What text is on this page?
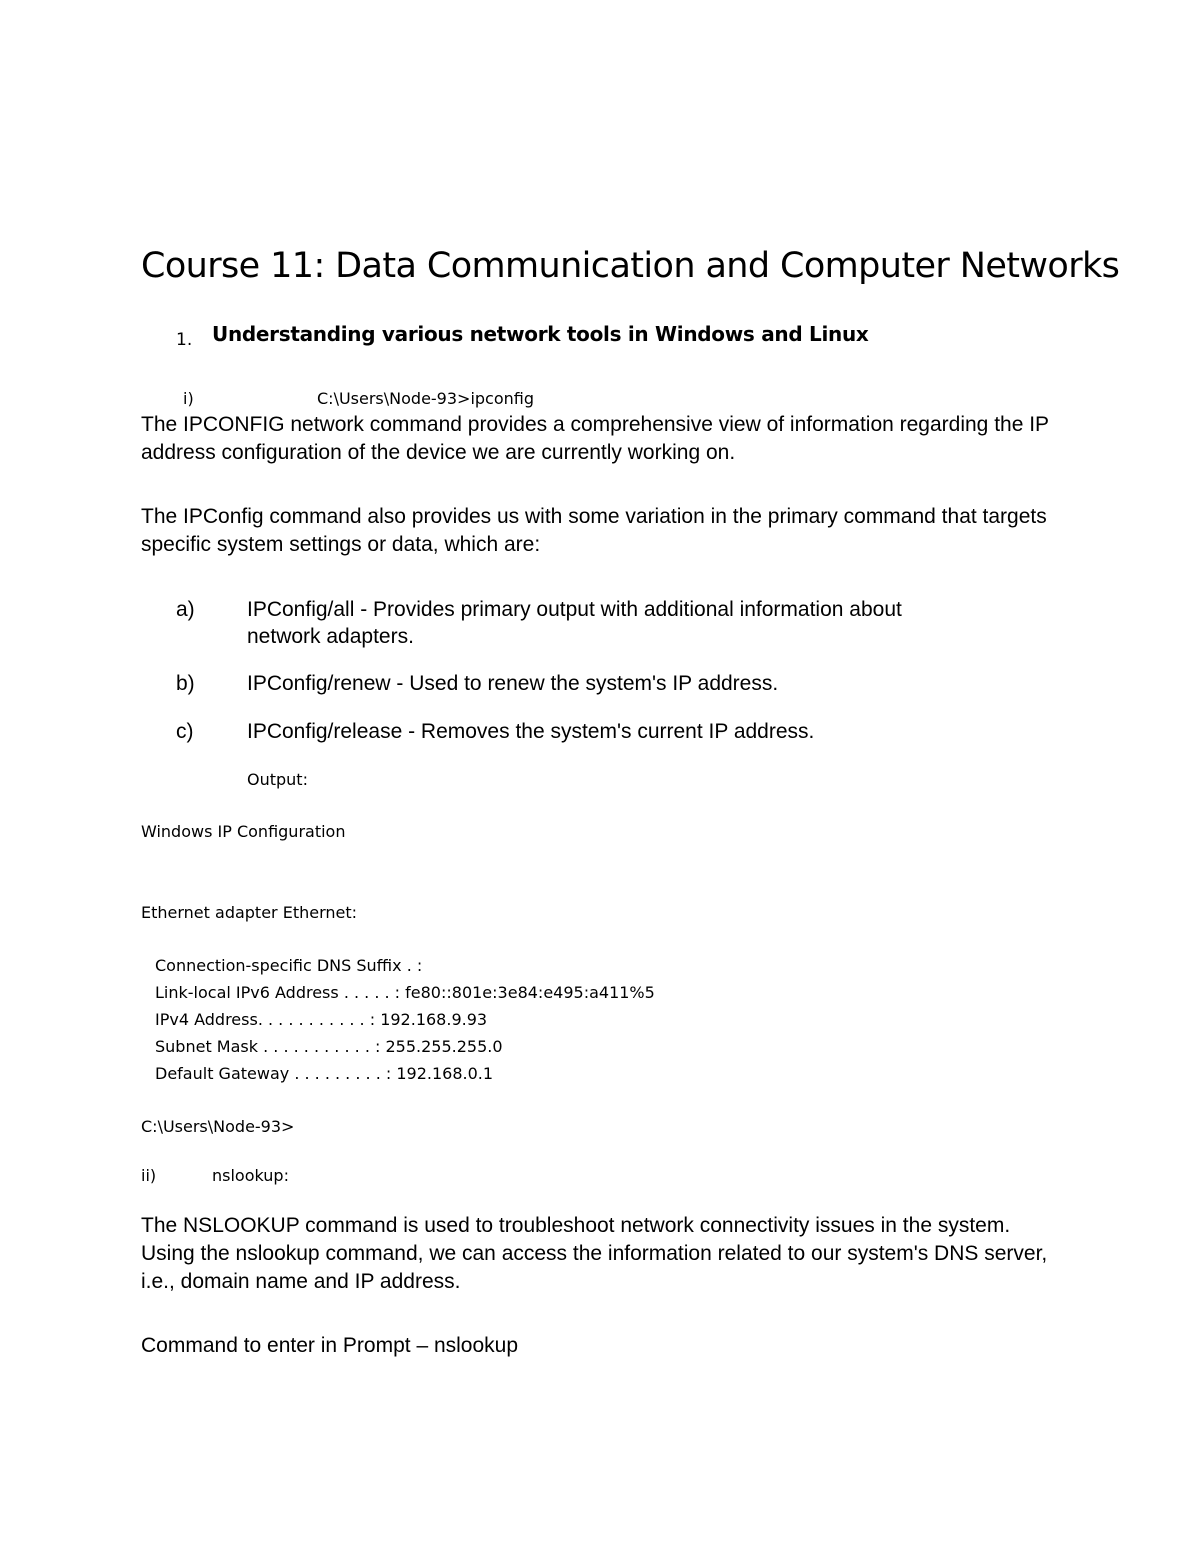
Course 11: Data Communication and Computer Networks
1. Understanding various network tools in Windows and Linux
i)	C:\Users\Node-93>ipconfig
The IPCONFIG network command provides a comprehensive view of information regarding the IP address configuration of the device we are currently working on.
The IPConfig command also provides us with some variation in the primary command that targets specific system settings or data, which are:
a) IPConfig/all - Provides primary output with additional information about
network adapters.
b) IPConfig/renew - Used to renew the system's IP address.
c)	IPConfig/release - Removes the system's current IP address.
Output:
Windows IP Configuration
Ethernet adapter Ethernet:
Connection-specific DNS Suffix . :
Link-local IPv6 Address . . . . . : fe80::801e:3e84:e495:a411%5
IPv4 Address. . . . . . . . . . . : 192.168.9.93
Subnet Mask . . . . . . . . . . . : 255.255.255.0
Default Gateway . . . . . . . . . : 192.168.0.1
C:\Users\Node-93>
ii)	nslookup:
The NSLOOKUP command is used to troubleshoot network connectivity issues in the system. Using the nslookup command, we can access the information related to our system's DNS server, i.e., domain name and IP address.
Command to enter in Prompt – nslookup
